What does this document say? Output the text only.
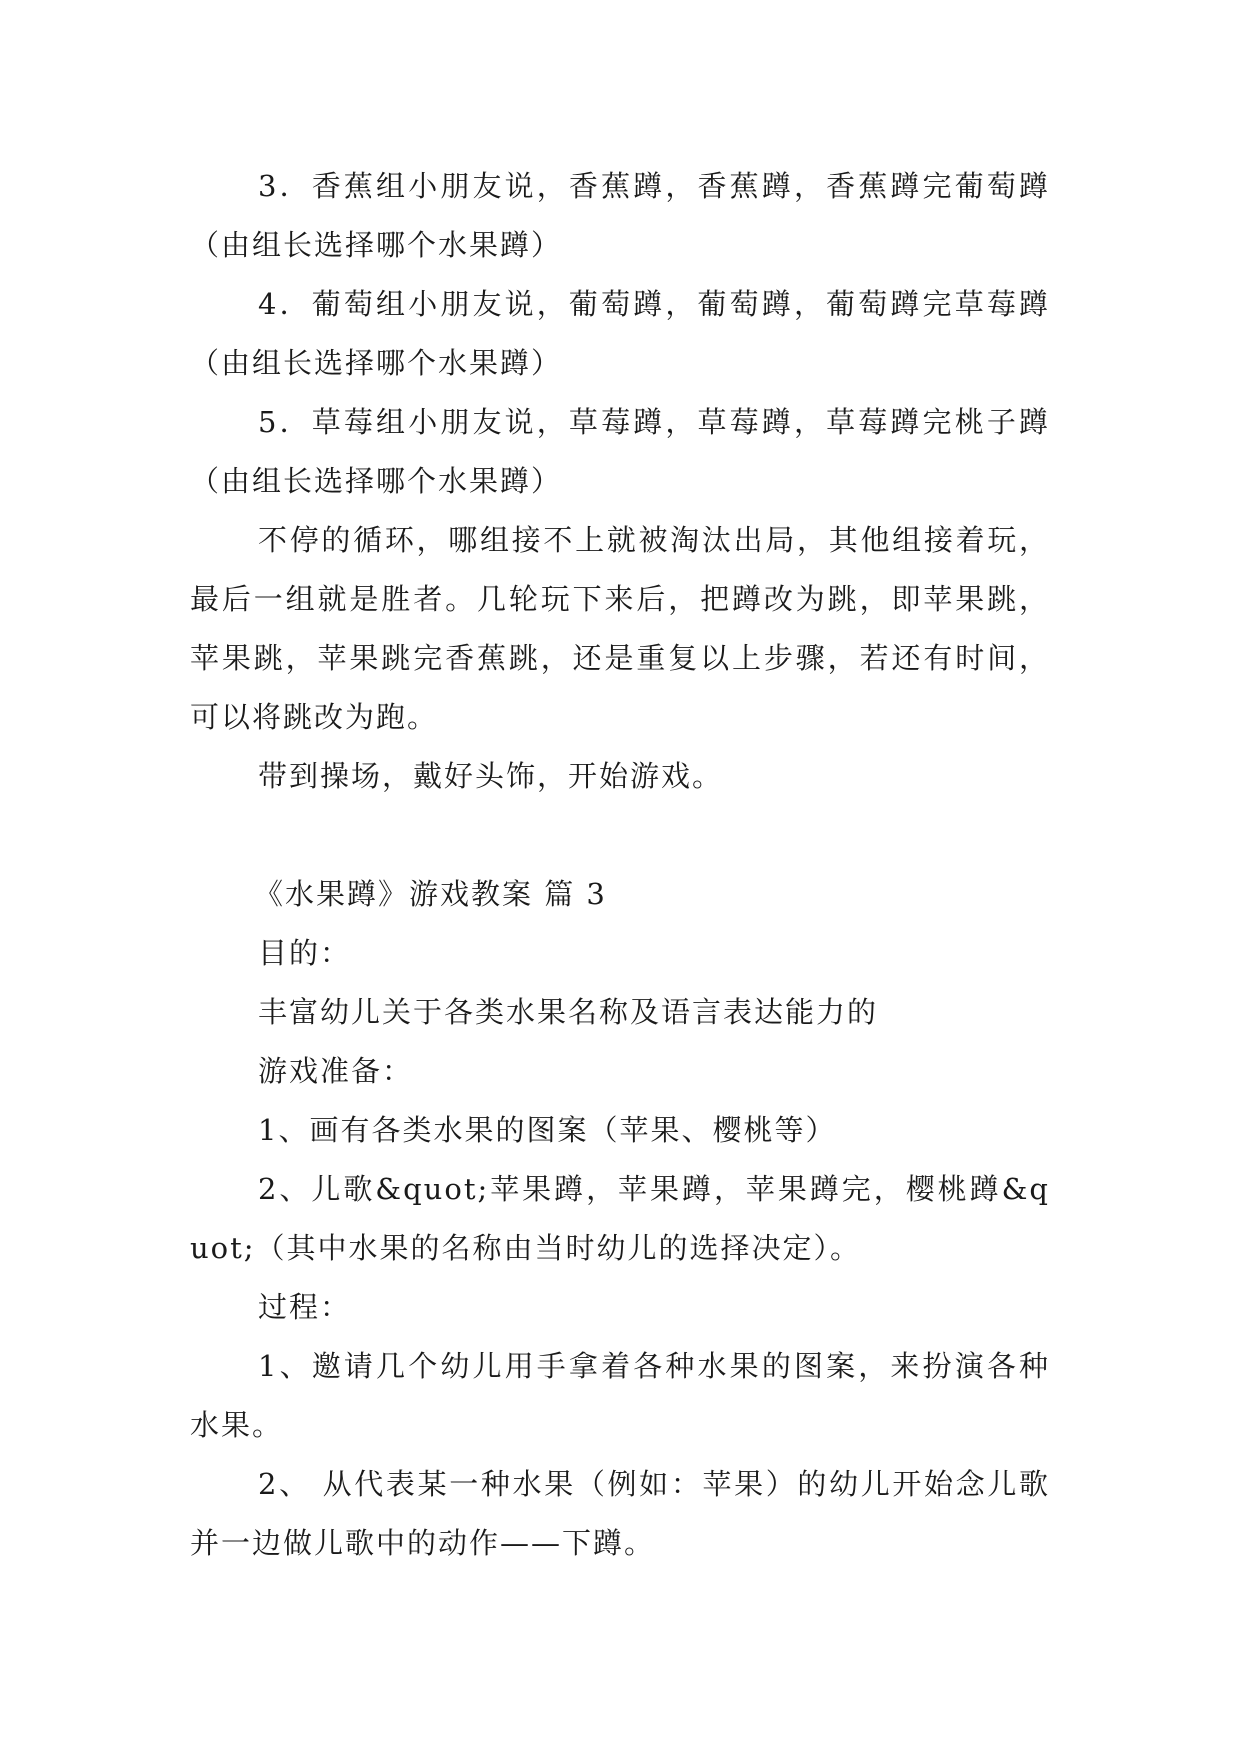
3．香蕉组小朋友说，香蕉蹲，香蕉蹲，香蕉蹲完葡萄蹲（由组长选择哪个水果蹲）

4．葡萄组小朋友说，葡萄蹲，葡萄蹲，葡萄蹲完草莓蹲（由组长选择哪个水果蹲）

5．草莓组小朋友说，草莓蹲，草莓蹲，草莓蹲完桃子蹲（由组长选择哪个水果蹲）

不停的循环，哪组接不上就被淘汰出局，其他组接着玩，最后一组就是胜者。几轮玩下来后，把蹲改为跳，即苹果跳，苹果跳，苹果跳完香蕉跳，还是重复以上步骤，若还有时间，可以将跳改为跑。

带到操场，戴好头饰，开始游戏。

《水果蹲》游戏教案 篇 3

目的：

丰富幼儿关于各类水果名称及语言表达能力的

游戏准备：

1、画有各类水果的图案（苹果、樱桃等）

2、儿歌&quot;苹果蹲，苹果蹲，苹果蹲完，樱桃蹲&quot;（其中水果的名称由当时幼儿的选择决定）。

过程：

1、邀请几个幼儿用手拿着各种水果的图案，来扮演各种水果。

2、 从代表某一种水果（例如：苹果）的幼儿开始念儿歌并一边做儿歌中的动作——下蹲。
